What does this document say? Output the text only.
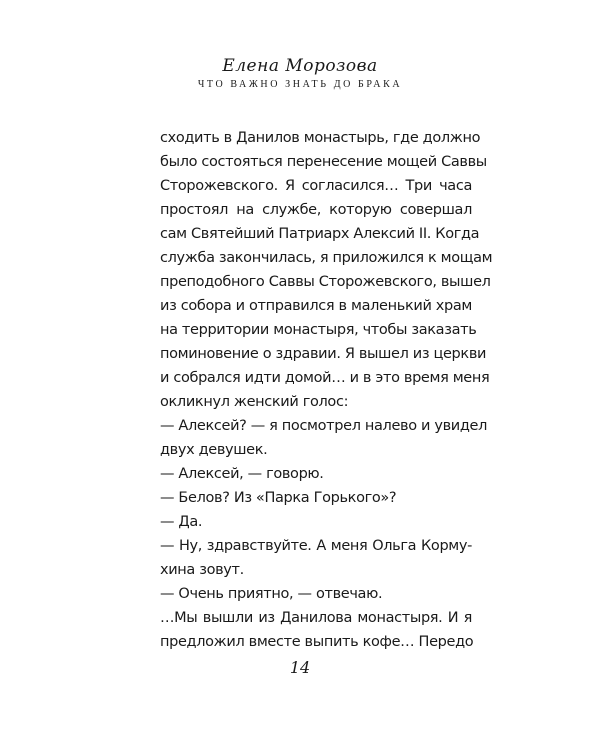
Елена Морозова
ЧТО ВАЖНО ЗНАТЬ ДО БРАКА
сходить в Данилов монастырь, где должно
было состояться перенесение мощей Саввы
Сторожевского. Я согласился… Три часа
простоял на службе, которую совершал
сам Святейший Патриарх Алексий II. Когда
служба закончилась, я приложился к мощам
преподобного Саввы Сторожевского, вышел
из собора и отправился в маленький храм
на территории монастыря, чтобы заказать
поминовение о здравии. Я вышел из церкви
и собрался идти домой… и в это время меня
окликнул женский голос:
— Алексей? — я посмотрел налево и увидел
двух девушек.
— Алексей, — говорю.
— Белов? Из «Парка Горького»?
— Да.
— Ну, здравствуйте. А меня Ольга Корму-
хина зовут.
— Очень приятно, — отвечаю.
…Мы вышли из Данилова монастыря. И я
предложил вместе выпить кофе… Передо
14
